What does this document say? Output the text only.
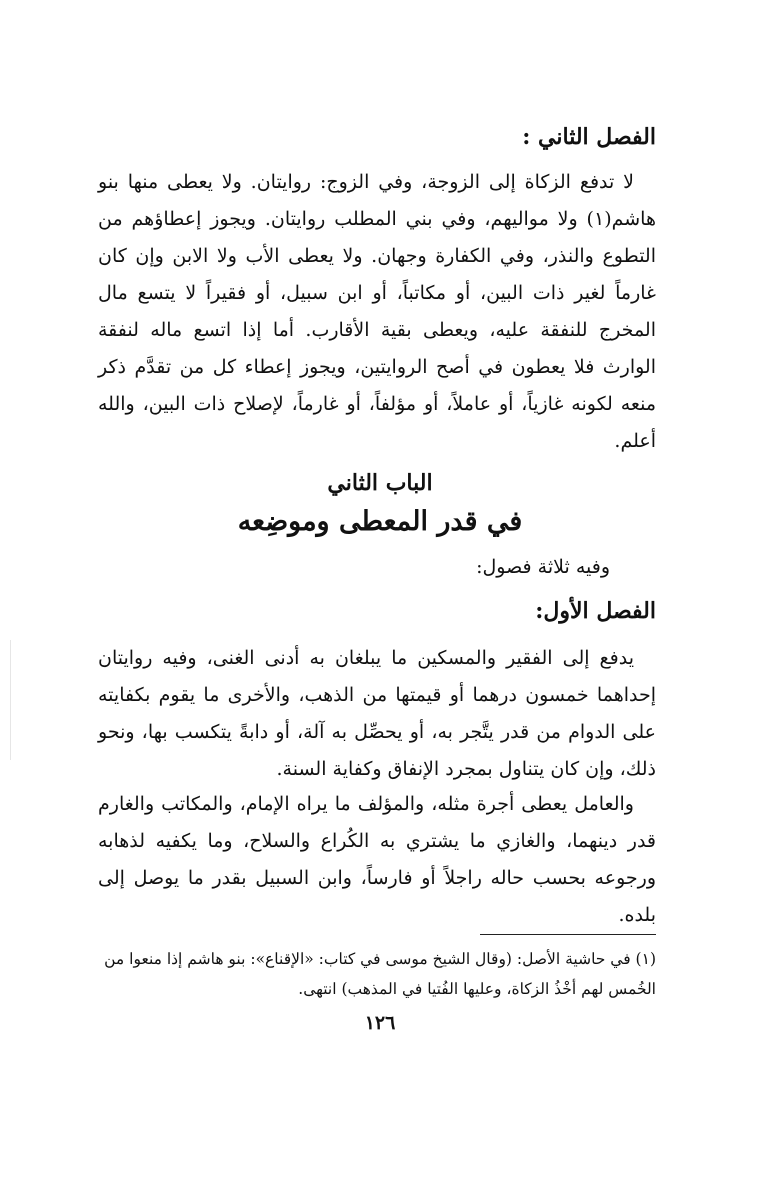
الفصل الثاني :
لا تدفع الزكاة إلى الزوجة، وفي الزوج: روايتان. ولا يعطى منها بنو هاشم(١) ولا مواليهم، وفي بني المطلب روايتان. ويجوز إعطاؤهم من التطوع والنذر، وفي الكفارة وجهان. ولا يعطى الأب ولا الابن وإن كان غارماً لغير ذات البين، أو مكاتباً، أو ابن سبيل، أو فقيراً لا يتسع مال المخرج للنفقة عليه، ويعطى بقية الأقارب. أما إذا اتسع ماله لنفقة الوارث فلا يعطون في أصح الروايتين، ويجوز إعطاء كل من تقدَّم ذكر منعه لكونه غازياً، أو عاملاً، أو مؤلفاً، أو غارماً، لإصلاح ذات البين، والله أعلم.
الباب الثاني
في قدر المعطى وموضِعه
وفيه ثلاثة فصول:
الفصل الأول:
يدفع إلى الفقير والمسكين ما يبلغان به أدنى الغنى، وفيه روايتان إحداهما خمسون درهما أو قيمتها من الذهب، والأخرى ما يقوم بكفايته على الدوام من قدر يتَّجر به، أو يحصِّل به آلة، أو دابةً يتكسب بها، ونحو ذلك، وإن كان يتناول بمجرد الإنفاق وكفاية السنة.
والعامل يعطى أجرة مثله، والمؤلف ما يراه الإمام، والمكاتب والغارم قدر دينهما، والغازي ما يشتري به الكُراع والسلاح، وما يكفيه لذهابه ورجوعه بحسب حاله راجلاً أو فارساً، وابن السبيل بقدر ما يوصل إلى بلده.
(١) في حاشية الأصل: (وقال الشيخ موسى في كتاب: «الإقناع»: بنو هاشم إذا منعوا من الخُمس لهم أخْذُ الزكاة، وعليها الفُتيا في المذهب) انتهى.
١٢٦
